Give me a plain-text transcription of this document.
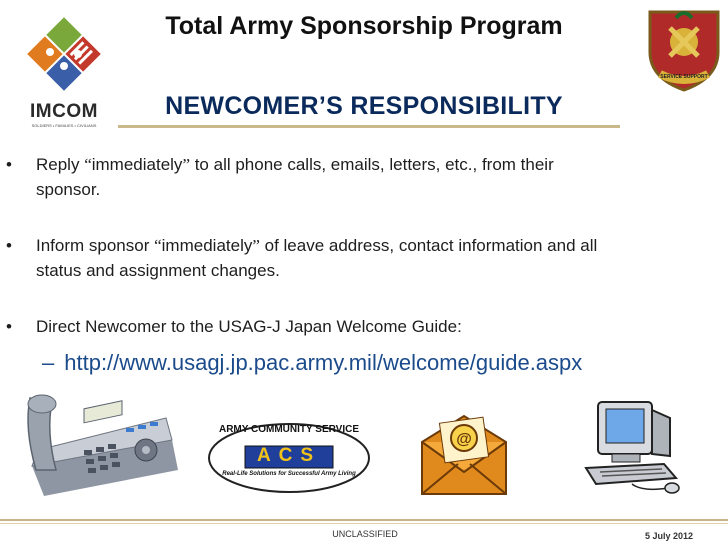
Total Army Sponsorship Program
IMCOM
SOLDIERS • FAMILIES • CIVILIANS
SERVICE SUPPORT
NEWCOMER’S RESPONSIBILITY
•	Reply “immediately” to all phone calls, emails, letters, etc., from their
sponsor.
•	Inform sponsor “immediately” of leave address, contact information and all
status and assignment changes.
•	Direct Newcomer to the USAG-J Japan Welcome Guide:
– http://www.usagj.jp.pac.army.mil/welcome/guide.aspx
ARMY COMMUNITY SERVICE
ACS
Real-Life Solutions for Successful Army Living
@
UNCLASSIFIED	5 July 2012
